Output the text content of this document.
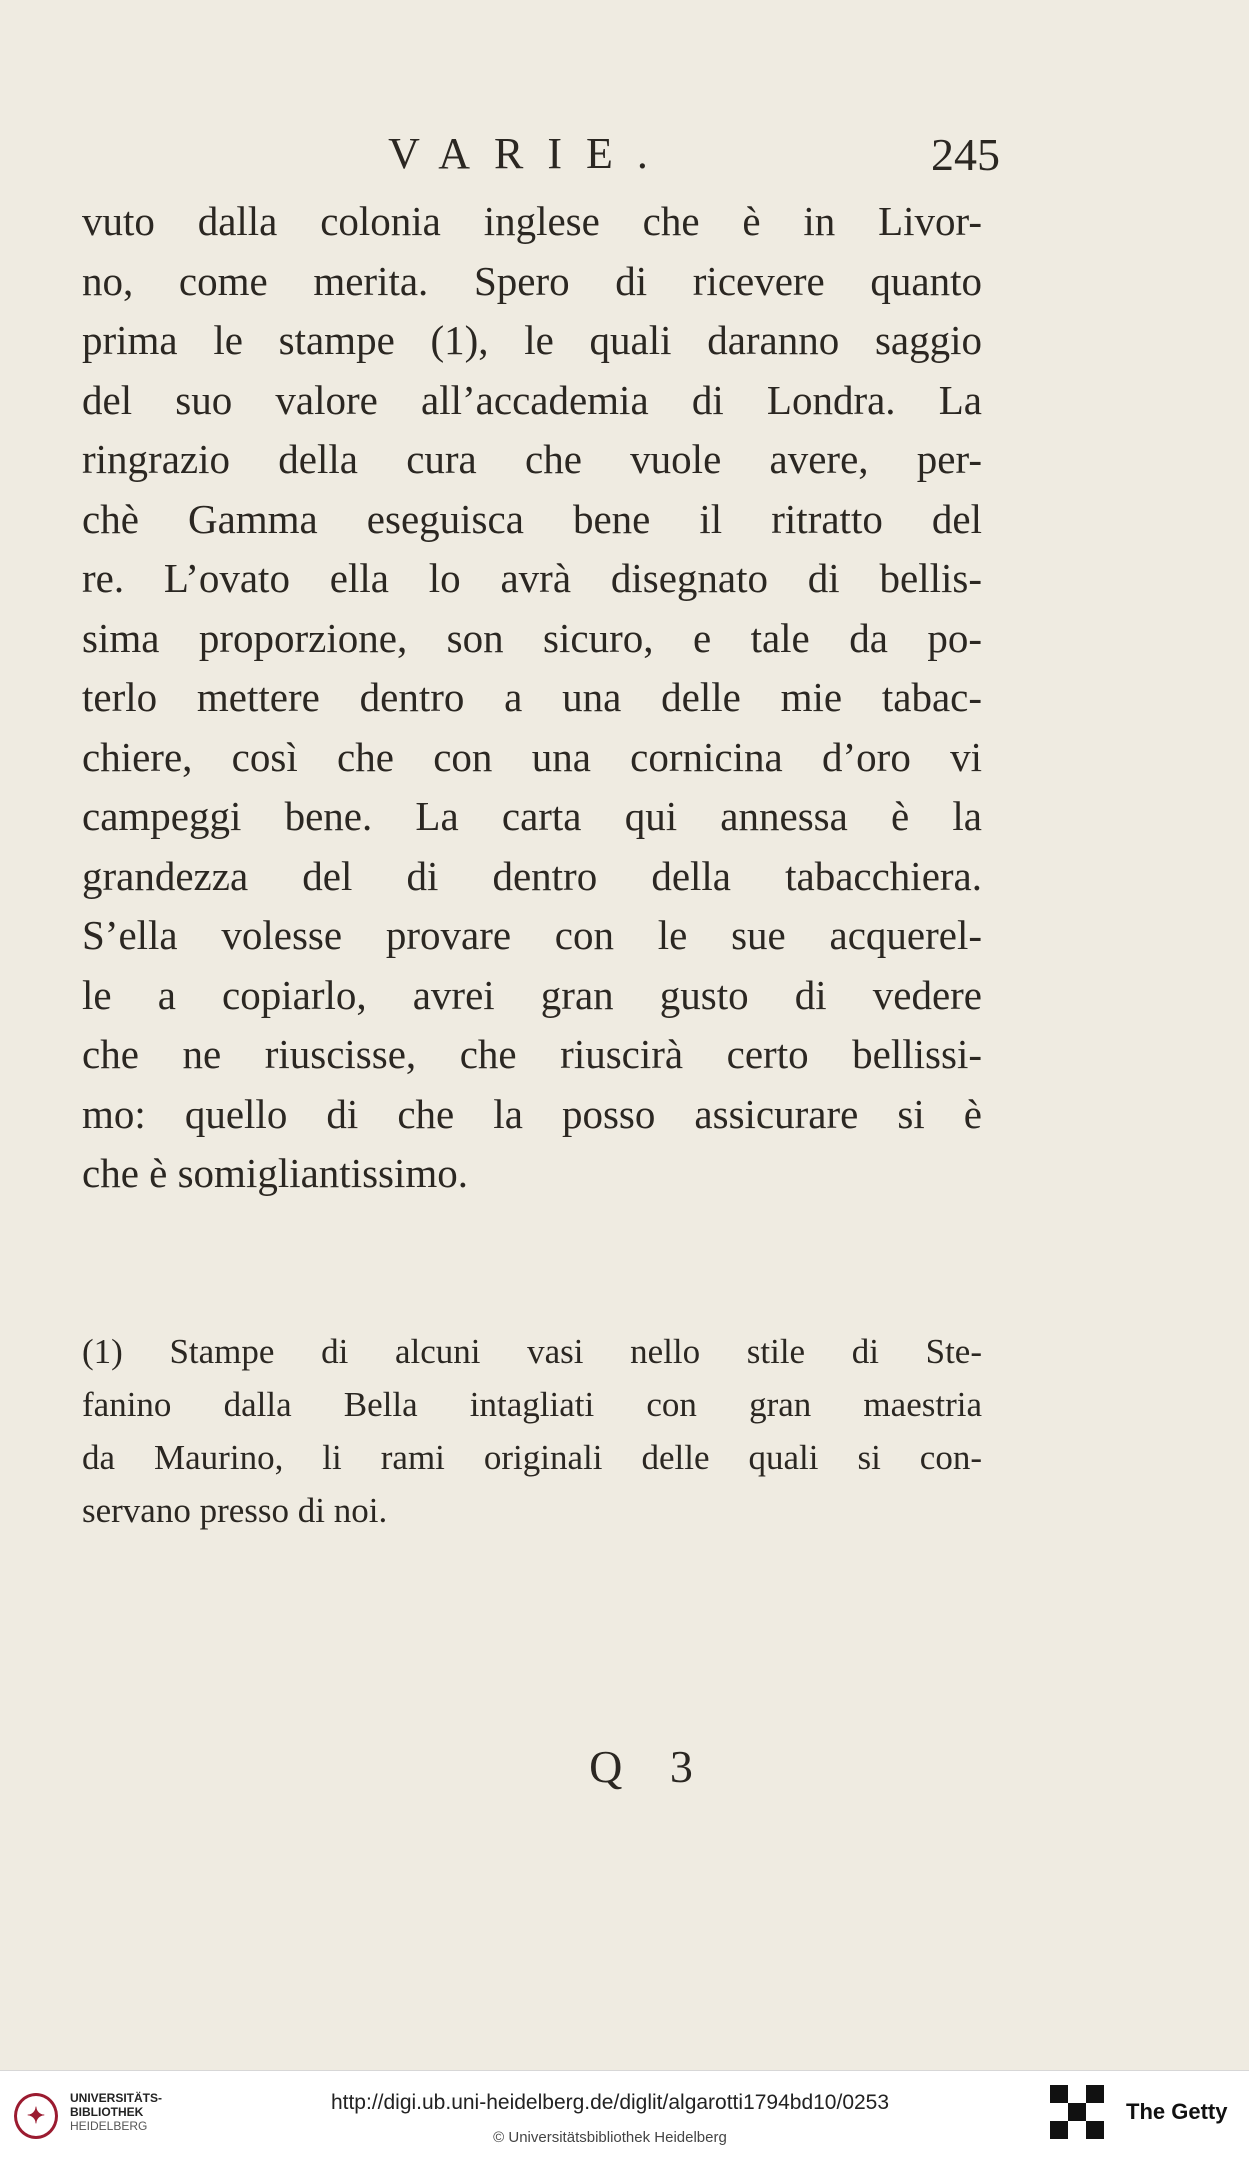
VARIE.	245
vuto dalla colonia inglese che è in Livor-
no, come merita. Spero di ricevere quanto
prima le stampe (1), le quali daranno saggio
del suo valore all’accademia di Londra. La
ringrazio della cura che vuole avere, per-
chè Gamma eseguisca bene il ritratto del
re. L’ovato ella lo avrà disegnato di bellis-
sima proporzione, son sicuro, e tale da po-
terlo mettere dentro a una delle mie tabac-
chiere, così che con una cornicina d’oro vi
campeggi bene. La carta qui annessa è la
grandezza del di dentro della tabacchiera.
S’ella volesse provare con le sue acquerel-
le a copiarlo, avrei gran gusto di vedere
che ne riuscisse, che riuscirà certo bellissi-
mo: quello di che la posso assicurare si è
che è somigliantissimo.
(1) Stampe di alcuni vasi nello stile di Ste-
fanino dalla Bella intagliati con gran maestria
da Maurino, li rami originali delle quali si con-
servano presso di noi.
Q 3
✦
UNIVERSITÄTS-
BIBLIOTHEK
HEIDELBERG
http://digi.ub.uni-heidelberg.de/diglit/algarotti1794bd10/0253
© Universitätsbibliothek Heidelberg
The Getty
